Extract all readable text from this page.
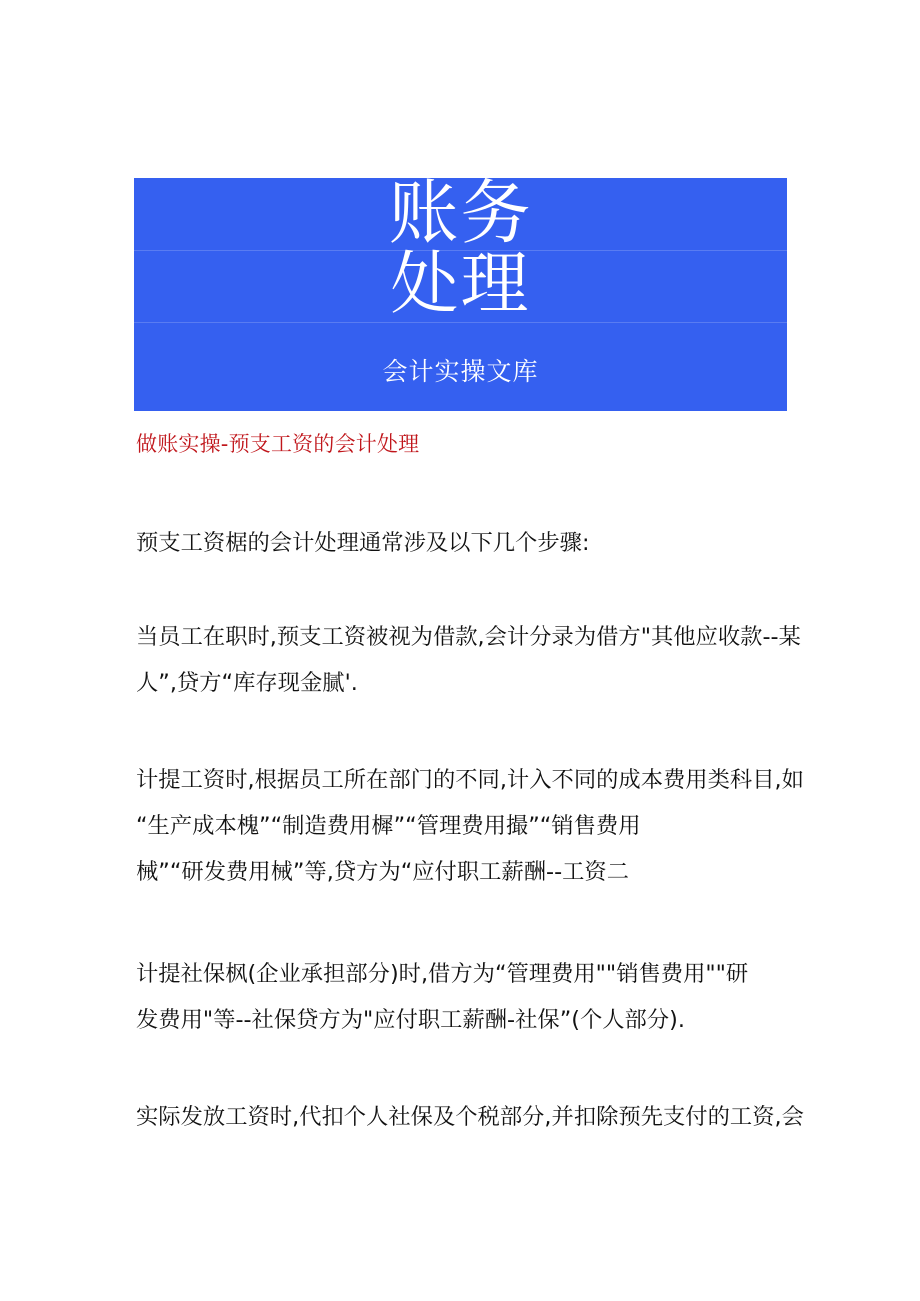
账务
处理
会计实操文库
做账实操-预支工资的会计处理
预支工资椐的会计处理通常涉及以下几个步骤:
当员工在职时,预支工资被视为借款,会计分录为借方"其他应收款--某
人”,贷方“库存现金腻'.
计提工资时,根据员工所在部门的不同,计入不同的成本费用类科目,如
“生产成本槐”“制造费用樨”“管理费用撮”“销售费用
械”“研发费用械”等,贷方为“应付职工薪酬--工资二
计提社保枫(企业承担部分)时,借方为“管理费用""销售费用""研
发费用"等--社保贷方为"应付职工薪酬-社保”(个人部分).
实际发放工资时,代扣个人社保及个税部分,并扣除预先支付的工资,会
